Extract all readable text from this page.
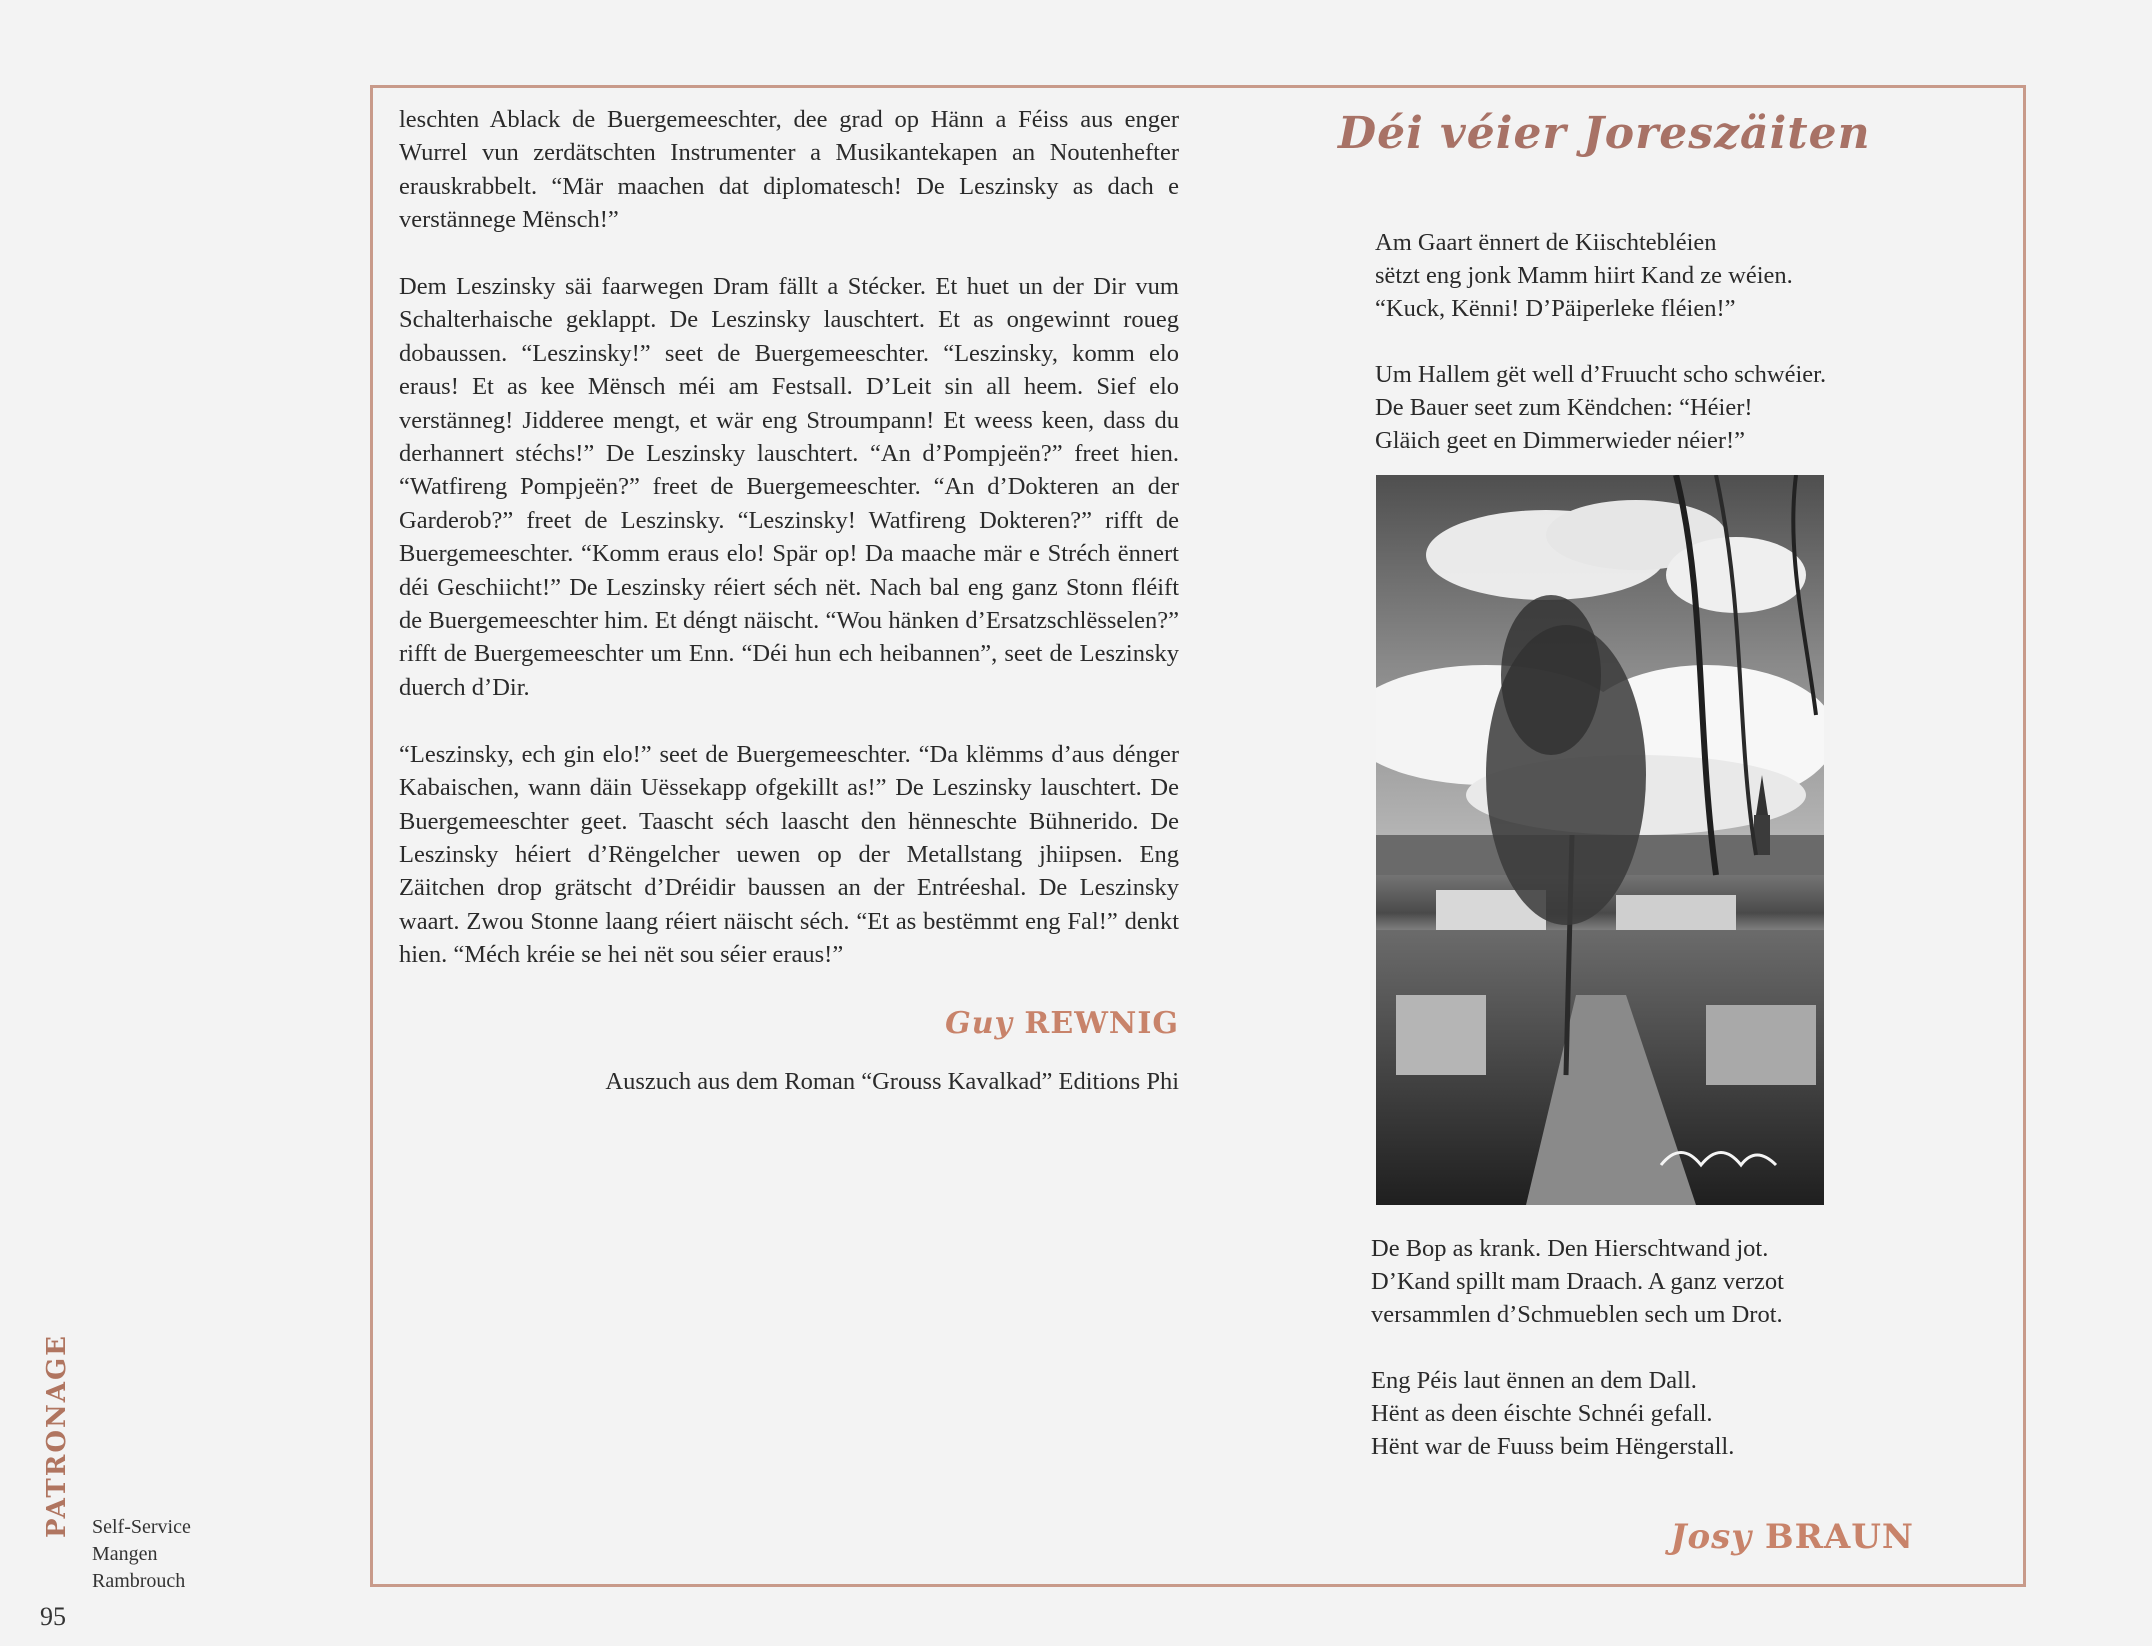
leschten Ablack de Buergemeeschter, dee grad op Hänn a Féiss aus enger Wurrel vun zerdätschten Instrumenter a Musikantekapen an Noutenhefter erauskrabbelt. “Mär maachen dat diplomatesch! De Leszinsky as dach e verstännege Mënsch!”

Dem Leszinsky säi faarwegen Dram fällt a Stécker. Et huet un der Dir vum Schalterhaische geklappt. De Leszinsky lauschtert. Et as ongewinnt roueg dobaussen. “Leszinsky!” seet de Buergemeeschter. “Leszinsky, komm elo eraus! Et as kee Mënsch méi am Festsall. D’Leit sin all heem. Sief elo verstänneg! Jidderee mengt, et wär eng Stroumpann! Et weess keen, dass du derhannert stéchs!” De Leszinsky lauschtert. “An d’Pompjeën?” freet hien. “Watfireng Pompjeën?” freet de Buergemeeschter. “An d’Dokteren an der Garderob?” freet de Leszinsky. “Leszinsky! Watfireng Dokteren?” rifft de Buergemeeschter. “Komm eraus elo! Spär op! Da maache mär e Stréch ënnert déi Geschiicht!” De Leszinsky réiert séch nët. Nach bal eng ganz Stonn fléift de Buergemeeschter him. Et déngt näischt. “Wou hänken d’Ersatzschlësselen?” rifft de Buergemeeschter um Enn. “Déi hun ech heibannen”, seet de Leszinsky duerch d’Dir.

“Leszinsky, ech gin elo!” seet de Buergemeeschter. “Da klëmms d’aus dénger Kabaischen, wann däin Uëssekapp ofgekillt as!” De Leszinsky lauschtert. De Buergemeeschter geet. Taascht séch laascht den hënneschte Bühnerido. De Leszinsky héiert d’Rëngelcher uewen op der Metallstang jhiipsen. Eng Zäitchen drop grätscht d’Dréidir baussen an der Entréeshal. De Leszinsky waart. Zwou Stonne laang réiert näischt séch. “Et as bestëmmt eng Fal!” denkt hien. “Méch kréie se hei nët sou séier eraus!”

Guy REWNIG
Auszuch aus dem Roman “Grouss Kavalkad” Editions Phi
Déi véier Joreszäiten
Am Gaart ënnert de Kiischtebléien
sëtzt eng jonk Mamm hiirt Kand ze wéien.
“Kuck, Kënni! D’Päiperleke fléien!”
Um Hallem gët well d’Fruucht scho schwéier.
De Bauer seet zum Këndchen: “Héier!
Gläich geet en Dimmerwieder néier!”
De Bop as krank. Den Hierschtwand jot.
D’Kand spillt mam Draach. A ganz verzot
versammlen d’Schmueblen sech um Drot.
Eng Péis laut ënnen an dem Dall.
Hënt as deen éischte Schnéi gefall.
Hënt war de Fuuss beim Hëngerstall.
Josy BRAUN
PATRONAGE Self-Service
Mangen
Rambrouch
95
